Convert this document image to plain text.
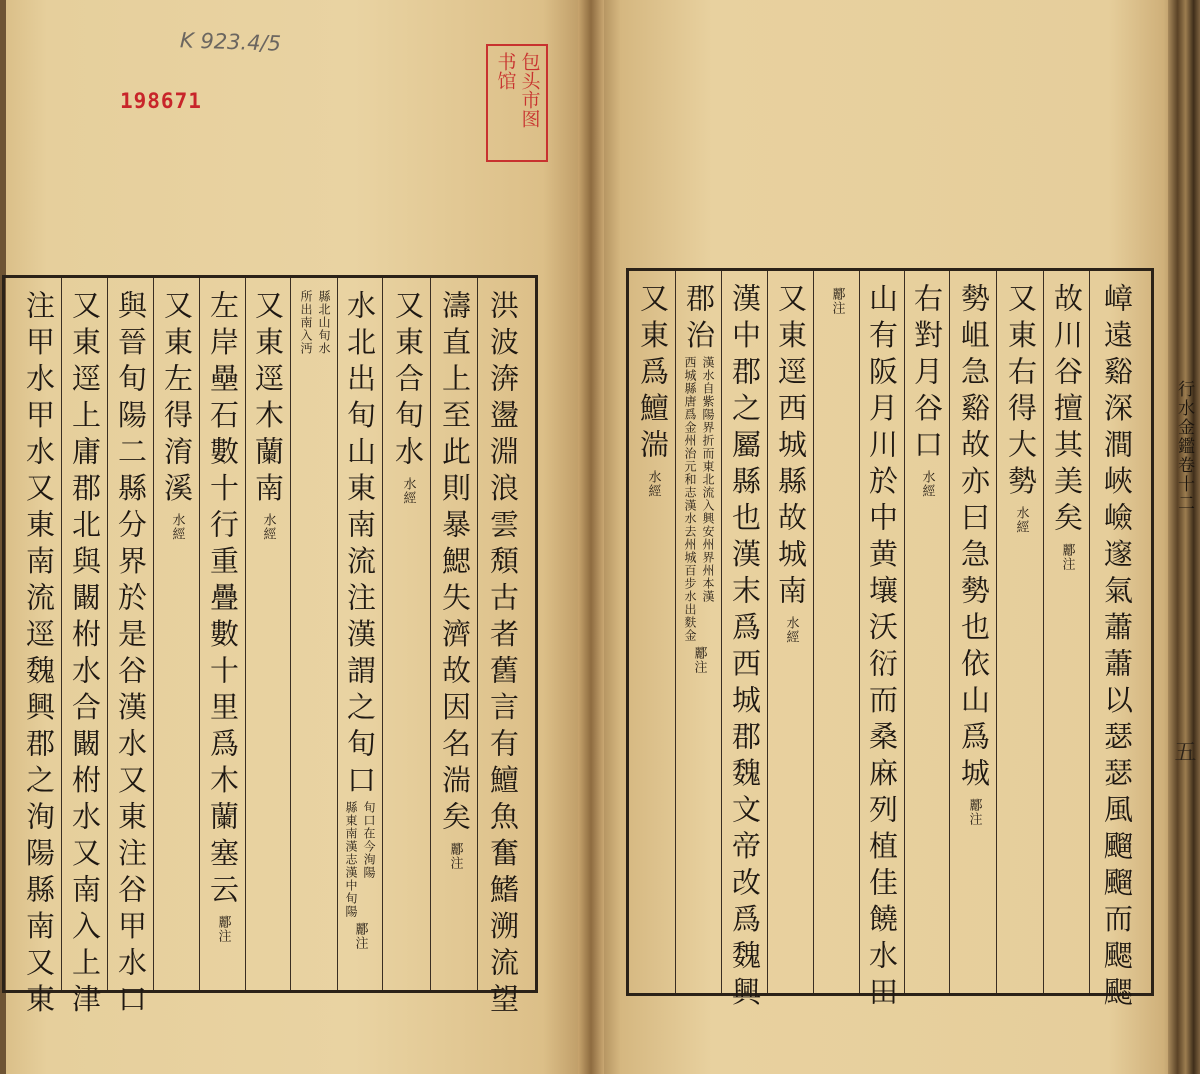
K 923.4/5
198671	包头市图
书馆
洪波渀盪淵浪雲頽古者舊言有鱣魚奮鰭溯流望
濤直上至此則暴鰓失濟故因名湍矣
酈注
又東合旬水
水經
水北出旬山東南流注漢謂之旬口
旬口在今洵陽
縣東南漢志漢中旬陽
酈注
縣北山旬水
所出南入沔
又東逕木蘭南
水經
左岸壘石數十行重疊數十里爲木蘭塞云
酈注
又東左得淯溪
水經
與晉旬陽二縣分界於是谷漢水又東注谷甲水口
又東逕上庸郡北與闞柎水合闞柎水又南入上津
注甲水甲水又東南流逕魏興郡之洵陽縣南又東	嶂遠谿深澗峽嶮邃氣蕭蕭以瑟瑟風飀飀而颸颸
故川谷擅其美矣
酈注
又東右得大勢
水經
勢岨急谿故亦曰急勢也依山爲城
酈注
右對月谷口
水經
山有阪月川於中黄壤沃衍而桑麻列植佳饒水田
酈注
又東逕西城縣故城南
水經
漢中郡之屬縣也漢末爲西城郡魏文帝改爲魏興
郡治
漢水自紫陽界折而東北流入興安州界州本漢
西城縣唐爲金州治元和志漢水去州城百步水出麩金
酈注
又東爲鱣湍
水經
五
行水金鑑卷十二
